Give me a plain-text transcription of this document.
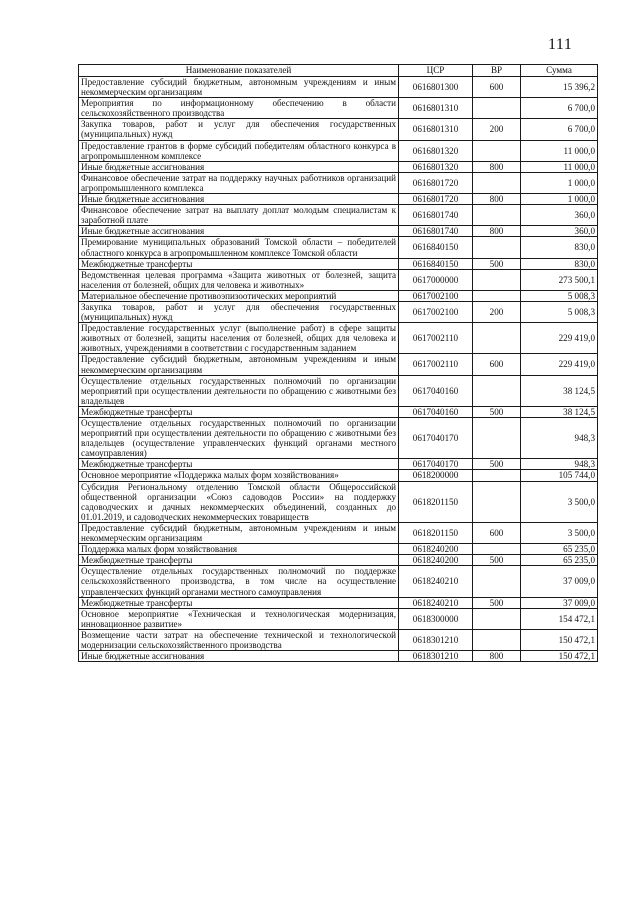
111
Наименование показателей	ЦСР	ВР	Сумма
Предоставление субсидий бюджетным, автономным учреждениям и иным некоммерческим организациям	0616801300	600	15 396,2
Мероприятия по информационному обеспечению в области сельскохозяйственного производства	0616801310		6 700,0
Закупка товаров, работ и услуг для обеспечения государственных (муниципальных) нужд	0616801310	200	6 700,0
Предоставление грантов в форме субсидий победителям областного конкурса в агропромышленном комплексе	0616801320		11 000,0
Иные бюджетные ассигнования	0616801320	800	11 000,0
Финансовое обеспечение затрат на поддержку научных работников организаций агропромышленного комплекса	0616801720		1 000,0
Иные бюджетные ассигнования	0616801720	800	1 000,0
Финансовое обеспечение затрат на выплату доплат молодым специалистам к заработной плате	0616801740		360,0
Иные бюджетные ассигнования	0616801740	800	360,0
Премирование муниципальных образований Томской области – победителей областного конкурса в агропромышленном комплексе Томской области	0616840150		830,0
Межбюджетные трансферты	0616840150	500	830,0
Ведомственная целевая программа «Защита животных от болезней, защита населения от болезней, общих для человека и животных»	0617000000		273 500,1
Материальное обеспечение противоэпизоотических мероприятий	0617002100		5 008,3
Закупка товаров, работ и услуг для обеспечения государственных (муниципальных) нужд	0617002100	200	5 008,3
Предоставление государственных услуг (выполнение работ) в сфере защиты животных от болезней, защиты населения от болезней, общих для человека и животных, учреждениями в соответствии с государственным заданием	0617002110		229 419,0
Предоставление субсидий бюджетным, автономным учреждениям и иным некоммерческим организациям	0617002110	600	229 419,0
Осуществление отдельных государственных полномочий по организации мероприятий при осуществлении деятельности по обращению с животными без владельцев	0617040160		38 124,5
Межбюджетные трансферты	0617040160	500	38 124,5
Осуществление отдельных государственных полномочий по организации мероприятий при осуществлении деятельности по обращению с животными без владельцев (осуществление управленческих функций органами местного самоуправления)	0617040170		948,3
Межбюджетные трансферты	0617040170	500	948,3
Основное мероприятие «Поддержка малых форм хозяйствования»	0618200000		105 744,0
Субсидия Региональному отделению Томской области Общероссийской общественной организации «Союз садоводов России» на поддержку садоводческих и дачных некоммерческих объединений, созданных до 01.01.2019, и садоводческих некоммерческих товариществ	0618201150		3 500,0
Предоставление субсидий бюджетным, автономным учреждениям и иным некоммерческим организациям	0618201150	600	3 500,0
Поддержка малых форм хозяйствования	0618240200		65 235,0
Межбюджетные трансферты	0618240200	500	65 235,0
Осуществление отдельных государственных полномочий по поддержке сельскохозяйственного производства, в том числе на осуществление управленческих функций органами местного самоуправления	0618240210		37 009,0
Межбюджетные трансферты	0618240210	500	37 009,0
Основное мероприятие «Техническая и технологическая модернизация, инновационное развитие»	0618300000		154 472,1
Возмещение части затрат на обеспечение технической и технологической модернизации сельскохозяйственного производства	0618301210		150 472,1
Иные бюджетные ассигнования	0618301210	800	150 472,1
